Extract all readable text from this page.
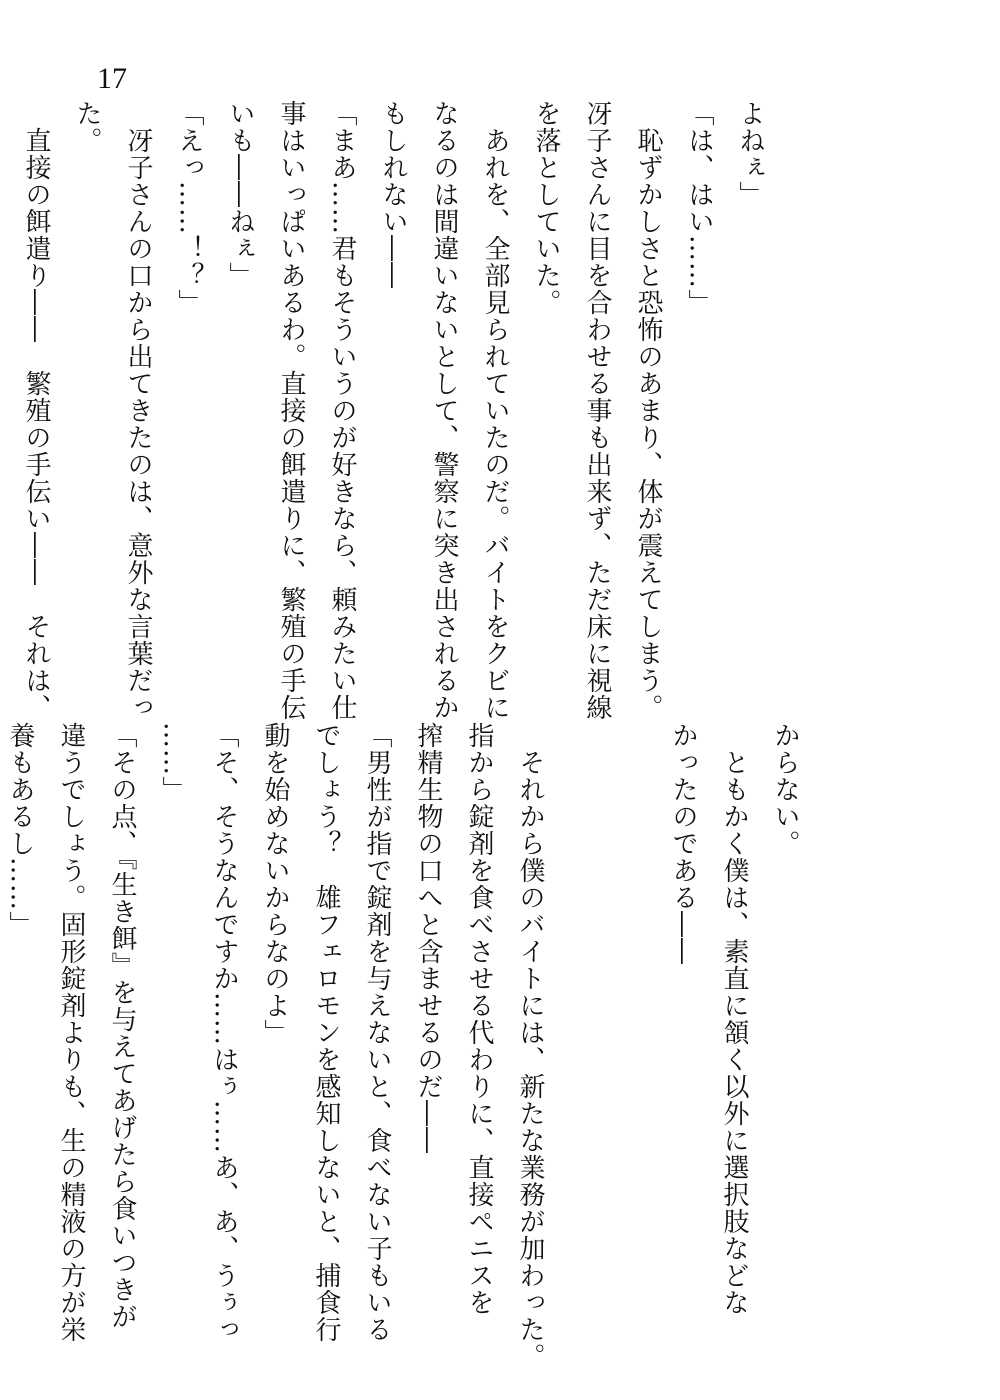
17
よねぇ」
「は、はい……」
　恥ずかしさと恐怖のあまり、体が震えてしまう。
冴子さんに目を合わせる事も出来ず、ただ床に視線
を落としていた。
　あれを、全部見られていたのだ。バイトをクビに
なるのは間違いないとして、警察に突き出されるか
もしれない――
「まあ……君もそういうのが好きなら、頼みたい仕
事はいっぱいあるわ。直接の餌遣りに、繁殖の手伝
いも――ねぇ」
「えっ……！？」
　冴子さんの口から出てきたのは、意外な言葉だっ
た。
　直接の餌遣り――　繁殖の手伝い――　それは、
からない。
　ともかく僕は、素直に頷く以外に選択肢などな
かったのである――

　それから僕のバイトには、新たな業務が加わった。
指から錠剤を食べさせる代わりに、直接ペニスを
搾精生物の口へと含ませるのだ――
「男性が指で錠剤を与えないと、食べない子もいる
でしょう？　雄フェロモンを感知しないと、捕食行
動を始めないからなのよ」
「そ、そうなんですか……はぅ……あ、あ、うぅっ
……」
「その点、『生き餌』を与えてあげたら食いつきが
違うでしょう。固形錠剤よりも、生の精液の方が栄
養もあるし……」
